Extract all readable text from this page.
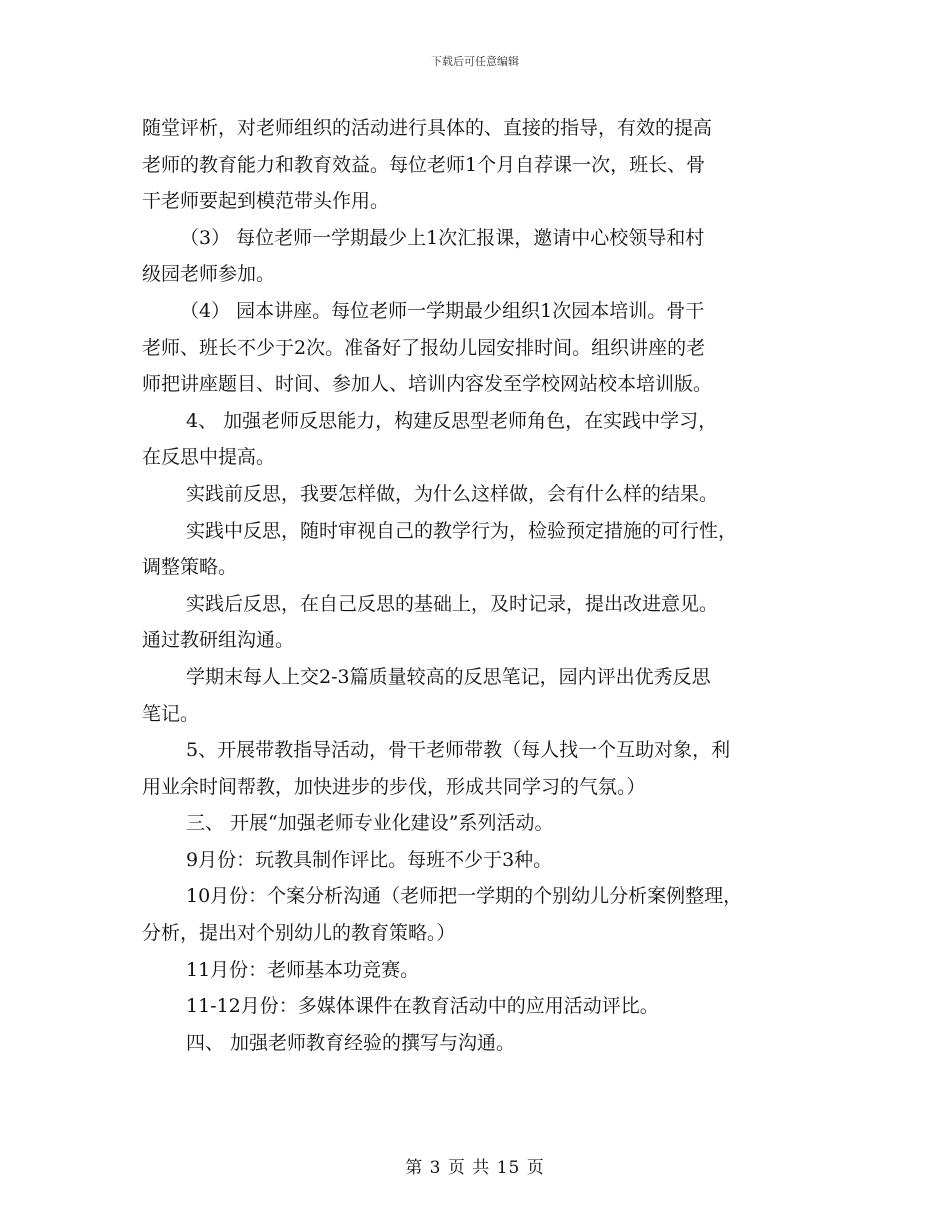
下载后可任意编辑

随堂评析，对老师组织的活动进行具体的、直接的指导，有效的提高
老师的教育能力和教育效益。每位老师1个月自荐课一次，班长、骨
干老师要起到模范带头作用。

（3） 每位老师一学期最少上1次汇报课，邀请中心校领导和村
级园老师参加。

（4） 园本讲座。每位老师一学期最少组织1次园本培训。骨干
老师、班长不少于2次。准备好了报幼儿园安排时间。组织讲座的老
师把讲座题目、时间、参加人、培训内容发至学校网站校本培训版。

4、 加强老师反思能力，构建反思型老师角色，在实践中学习，
在反思中提高。

实践前反思，我要怎样做，为什么这样做，会有什么样的结果。

实践中反思，随时审视自己的教学行为，检验预定措施的可行性，
调整策略。

实践后反思，在自己反思的基础上，及时记录，提出改进意见。
通过教研组沟通。

学期末每人上交2-3篇质量较高的反思笔记，园内评出优秀反思
笔记。

5、开展带教指导活动，骨干老师带教（每人找一个互助对象，利
用业余时间帮教，加快进步的步伐，形成共同学习的气氛。）

三、 开展“加强老师专业化建设”系列活动。

9月份：玩教具制作评比。每班不少于3种。

10月份：个案分析沟通（老师把一学期的个别幼儿分析案例整理，
分析，提出对个别幼儿的教育策略。）

11月份：老师基本功竞赛。

11-12月份：多媒体课件在教育活动中的应用活动评比。

四、 加强老师教育经验的撰写与沟通。

第 3 页 共 15 页
